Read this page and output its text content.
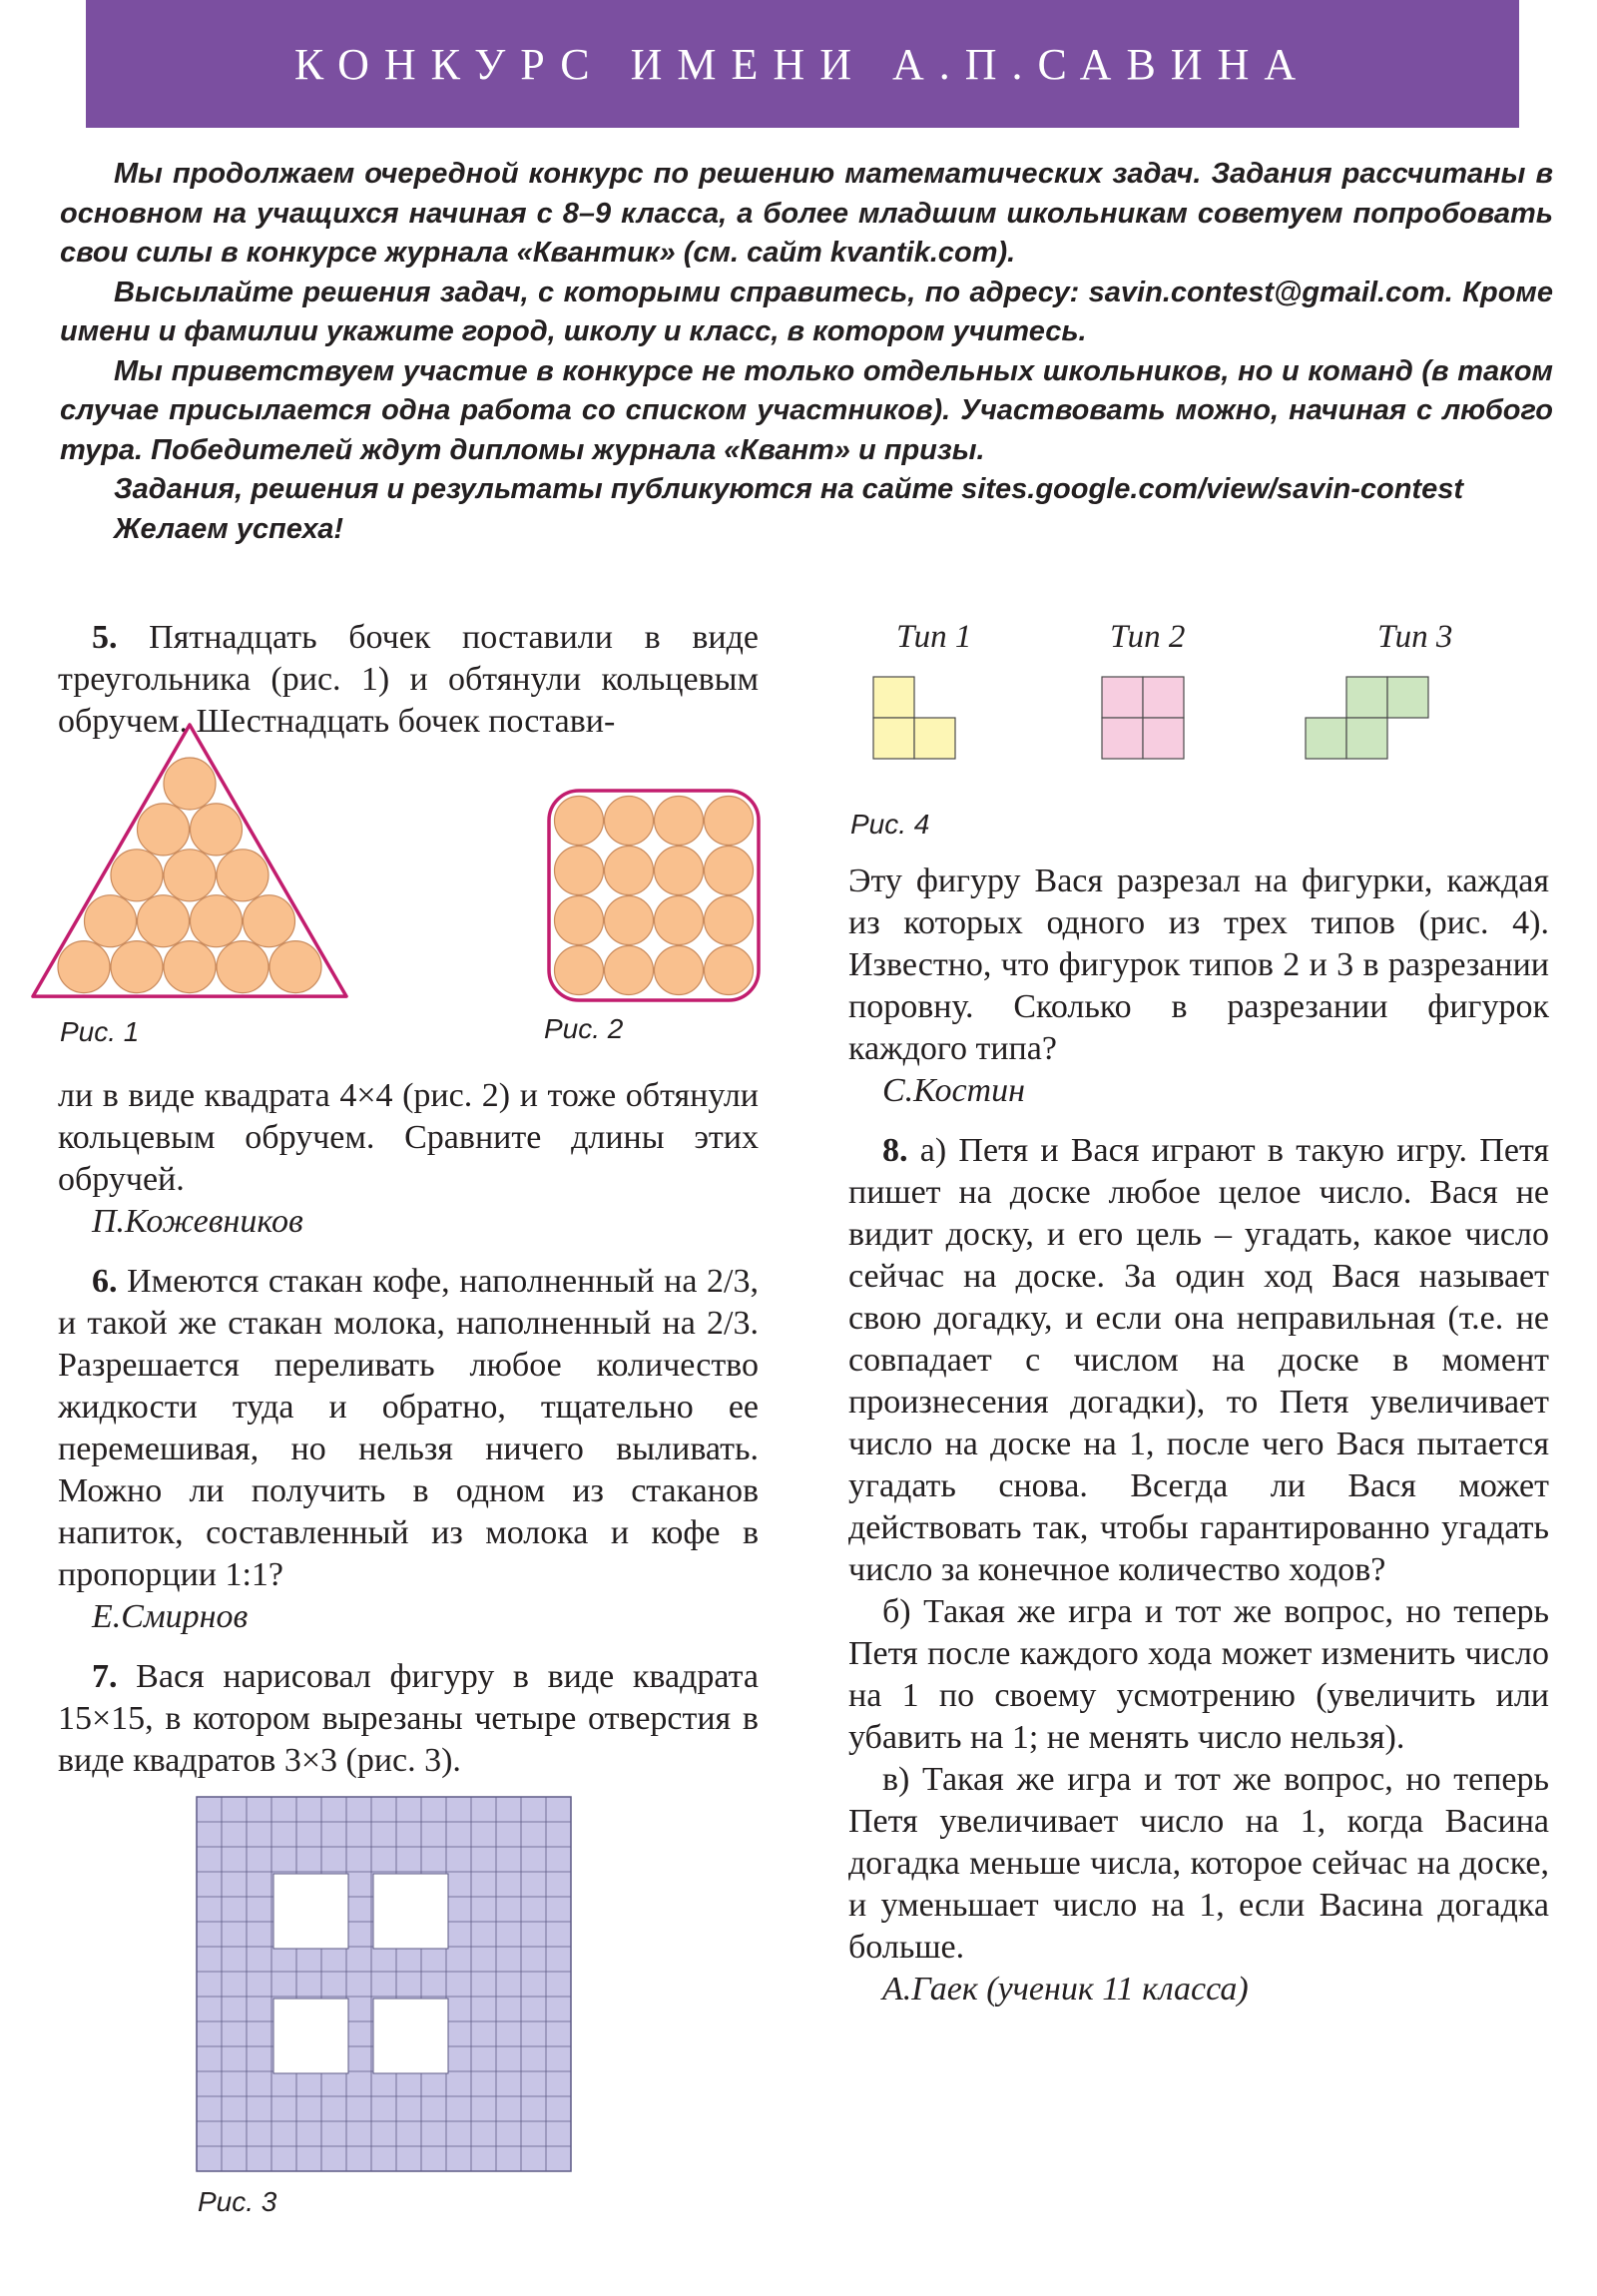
КОНКУРС ИМЕНИ А.П.САВИНА

Мы продолжаем очередной конкурс по решению математических задач. Задания рассчитаны в основном на учащихся начиная с 8–9 класса, а более младшим школьникам советуем попробовать свои силы в конкурсе журнала «Квантик» (см. сайт kvantik.com).

Высылайте решения задач, с которыми справитесь, по адресу: savin.contest@gmail.com. Кроме имени и фамилии укажите город, школу и класс, в котором учитесь.

Мы приветствуем участие в конкурсе не только отдельных школьников, но и команд (в таком случае присылается одна работа со списком участников). Участвовать можно, начиная с любого тура. Победителей ждут дипломы журнала «Квант» и призы.

Задания, решения и результаты публикуются на сайте sites.google.com/view/savin-contest

Желаем успеха!

5. Пятнадцать бочек поставили в виде треугольника (рис. 1) и обтянули кольцевым обручем. Шестнадцать бочек постави-

Рис. 1	Рис. 2

ли в виде квадрата 4×4 (рис. 2) и тоже обтянули кольцевым обручем. Сравните длины этих обручей.

П.Кожевников

6. Имеются стакан кофе, наполненный на 2/3, и такой же стакан молока, наполненный на 2/3. Разрешается переливать любое количество жидкости туда и обратно, тщательно ее перемешивая, но нельзя ничего выливать. Можно ли получить в одном из стаканов напиток, составленный из молока и кофе в пропорции 1:1?

Е.Смирнов

7. Вася нарисовал фигуру в виде квадрата 15×15, в котором вырезаны четыре отверстия в виде квадратов 3×3 (рис. 3).

Рис. 3
Тип 1	Тип 2	Тип 3
Рис. 4

Эту фигуру Вася разрезал на фигурки, каждая из которых одного из трех типов (рис. 4). Известно, что фигурок типов 2 и 3 в разрезании поровну. Сколько в разрезании фигурок каждого типа?

С.Костин

8. а) Петя и Вася играют в такую игру. Петя пишет на доске любое целое число. Вася не видит доску, и его цель – угадать, какое число сейчас на доске. За один ход Вася называет свою догадку, и если она неправильная (т.е. не совпадает с числом на доске в момент произнесения догадки), то Петя увеличивает число на доске на 1, после чего Вася пытается угадать снова. Всегда ли Вася может действовать так, чтобы гарантированно угадать число за конечное количество ходов?

б) Такая же игра и тот же вопрос, но теперь Петя после каждого хода может изменить число на 1 по своему усмотрению (увеличить или убавить на 1; не менять число нельзя).

в) Такая же игра и тот же вопрос, но теперь Петя увеличивает число на 1, когда Васина догадка меньше числа, которое сейчас на доске, и уменьшает число на 1, если Васина догадка больше.

А.Гаек (ученик 11 класса)
